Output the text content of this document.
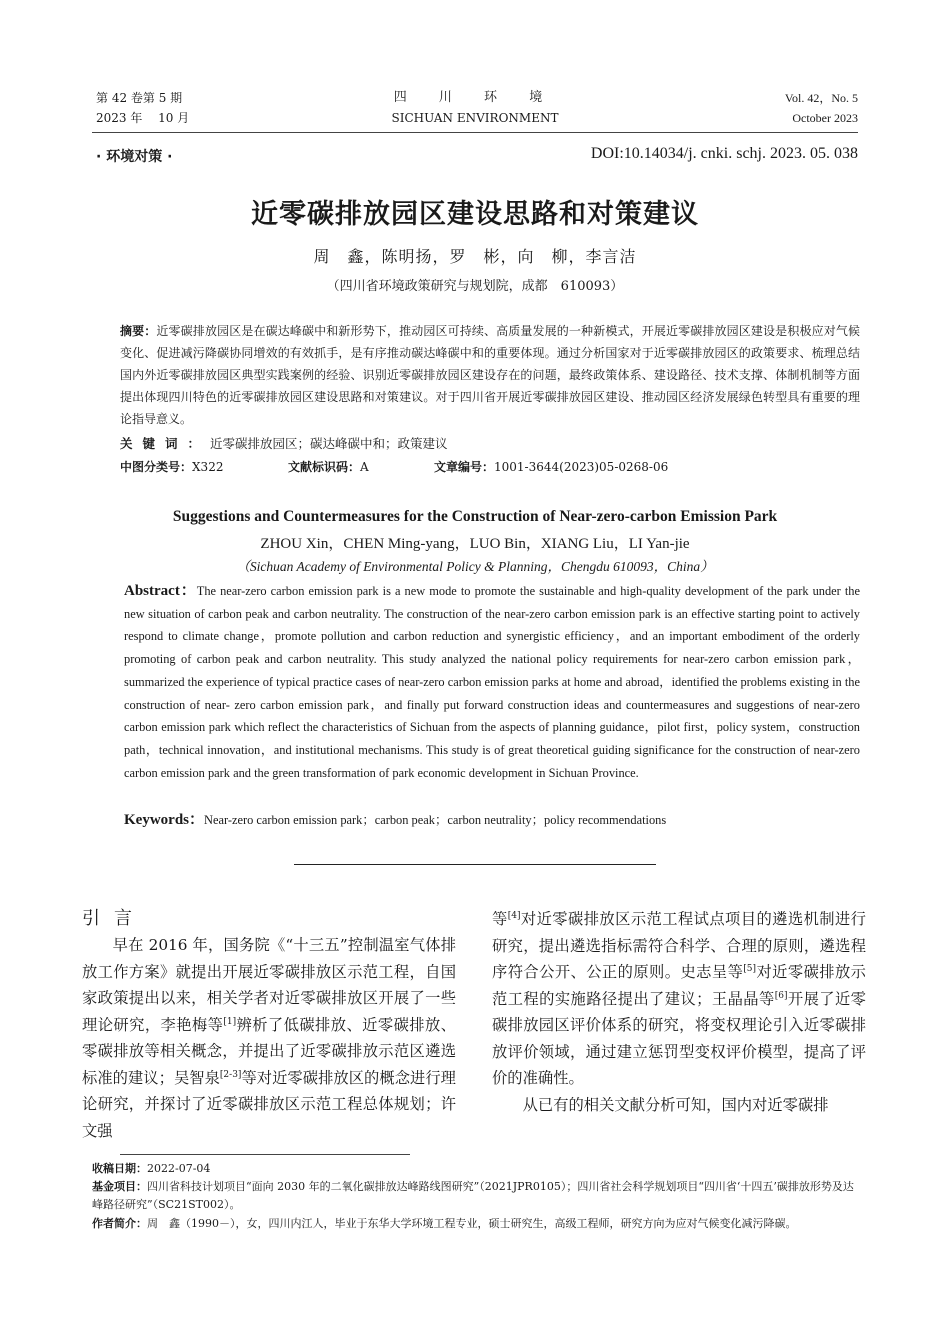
第 42 卷第 5 期
2023 年　 10 月
四 川 环 境
SICHUAN ENVIRONMENT
Vol. 42，No. 5
October 2023
· 环境对策 ·	DOI:10.14034/j. cnki. schj. 2023. 05. 038
近零碳排放园区建设思路和对策建议
周　鑫，陈明扬，罗　彬，向　柳，李言洁
（四川省环境政策研究与规划院，成都　610093）
摘要：近零碳排放园区是在碳达峰碳中和新形势下，推动园区可持续、高质量发展的一种新模式，开展近零碳排放园区建设是积极应对气候变化、促进减污降碳协同增效的有效抓手，是有序推动碳达峰碳中和的重要体现。通过分析国家对于近零碳排放园区的政策要求、梳理总结国内外近零碳排放园区典型实践案例的经验、识别近零碳排放园区建设存在的问题，最终政策体系、建设路径、技术支撑、体制机制等方面提出体现四川特色的近零碳排放园区建设思路和对策建议。对于四川省开展近零碳排放园区建设、推动园区经济发展绿色转型具有重要的理论指导意义。
关键词：近零碳排放园区；碳达峰碳中和；政策建议
中图分类号：X322	文献标识码：A	文章编号：1001-3644(2023)05-0268-06
Suggestions and Countermeasures for the Construction of Near-zero-carbon Emission Park
ZHOU Xin，CHEN Ming-yang，LUO Bin，XIANG Liu，LI Yan-jie
（Sichuan Academy of Environmental Policy & Planning，Chengdu 610093，China）
Abstract：The near-zero carbon emission park is a new mode to promote the sustainable and high-quality development of the park under the new situation of carbon peak and carbon neutrality. The construction of the near-zero carbon emission park is an effective starting point to actively respond to climate change，promote pollution and carbon reduction and synergistic efficiency，and an important embodiment of the orderly promoting of carbon peak and carbon neutrality. This study analyzed the national policy requirements for near-zero carbon emission park，summarized the experience of typical practice cases of near-zero carbon emission parks at home and abroad，identified the problems existing in the construction of near- zero carbon emission park，and finally put forward construction ideas and countermeasures and suggestions of near-zero carbon emission park which reflect the characteristics of Sichuan from the aspects of planning guidance，pilot first，policy system，construction path，technical innovation，and institutional mechanisms. This study is of great theoretical guiding significance for the construction of near-zero carbon emission park and the green transformation of park economic development in Sichuan Province.
Keywords：Near-zero carbon emission park；carbon peak；carbon neutrality；policy recommendations
引言

早在 2016 年，国务院《“十三五”控制温室气体排放工作方案》就提出开展近零碳排放区示范工程，自国家政策提出以来，相关学者对近零碳排放区开展了一些理论研究，李艳梅等[1]辨析了低碳排放、近零碳排放、零碳排放等相关概念，并提出了近零碳排放示范区遴选标准的建议；吴智泉[2-3]等对近零碳排放区的概念进行理论研究，并探讨了近零碳排放区示范工程总体规划；许文强

等[4]对近零碳排放区示范工程试点项目的遴选机制进行研究，提出遴选指标需符合科学、合理的原则，遴选程序符合公开、公正的原则。史志呈等[5]对近零碳排放示范工程的实施路径提出了建议；王晶晶等[6]开展了近零碳排放园区评价体系的研究，将变权理论引入近零碳排放评价领域，通过建立惩罚型变权评价模型，提高了评价的准确性。

从已有的相关文献分析可知，国内对近零碳排

收稿日期：2022-07-04
基金项目：四川省科技计划项目“面向 2030 年的二氧化碳排放达峰路线图研究”（2021JPR0105）；四川省社会科学规划项目“四川省‘十四五’碳排放形势及达峰路径研究”（SC21ST002）。
作者简介：周　鑫（1990－），女，四川内江人，毕业于东华大学环境工程专业，硕士研究生，高级工程师，研究方向为应对气候变化减污降碳。
